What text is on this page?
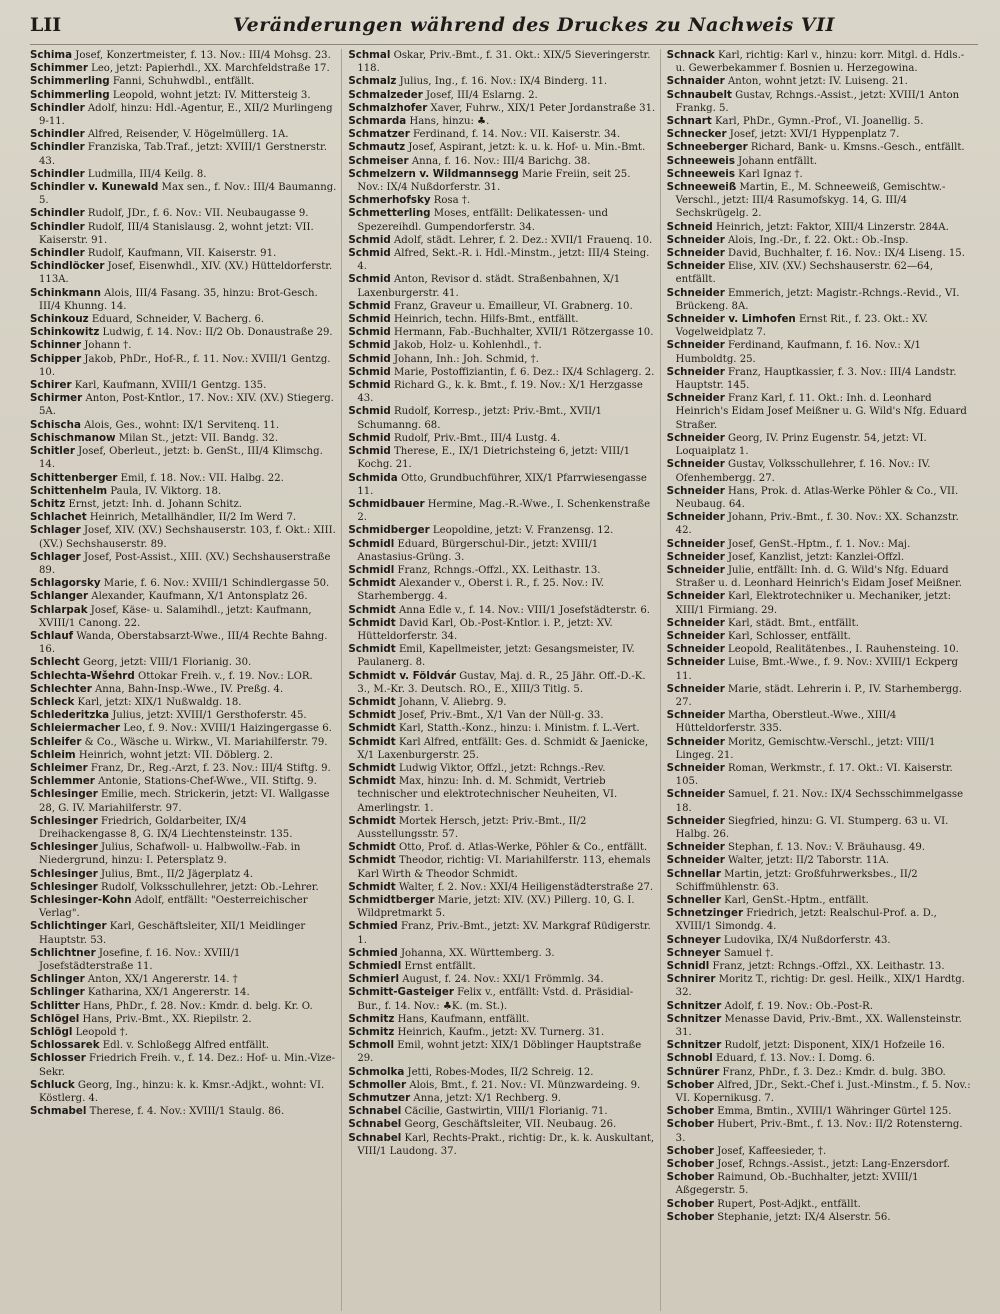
LII	Veränderungen während des Druckes zu Nachweis VII

Schima Josef, Konzertmeister, f. 13. Nov.: III/4 Mohsg. 23.

Schimmer Leo, jetzt: Papierhdl., XX. Marchfeldstraße 17.

Schimmerling Fanni, Schuhwdbl., entfällt.

Schimmerling Leopold, wohnt jetzt: IV. Mittersteig 3.

Schindler Adolf, hinzu: Hdl.-Agentur, E., XII/2 Murlingeng 9-11.

Schindler Alfred, Reisender, V. Högelmüllerg. 1A.

Schindler Franziska, Tab.Traf., jetzt: XVIII/1 Gerstnerstr. 43.

Schindler Ludmilla, III/4 Keilg. 8.

Schindler v. Kunewald Max sen., f. Nov.: III/4 Baumanng. 5.

Schindler Rudolf, JDr., f. 6. Nov.: VII. Neubaugasse 9.

Schindler Rudolf, III/4 Stanislausg. 2, wohnt jetzt: VII. Kaiserstr. 91.

Schindler Rudolf, Kaufmann, VII. Kaiserstr. 91.

Schindlöcker Josef, Eisenwhdl., XIV. (XV.) Hütteldorferstr. 113A.

Schinkmann Alois, III/4 Fasang. 35, hinzu: Brot-Gesch. III/4 Khunng. 14.

Schinkouz Eduard, Schneider, V. Bacherg. 6.

Schinkowitz Ludwig, f. 14. Nov.: II/2 Ob. Donaustraße 29.

Schinner Johann †.

Schipper Jakob, PhDr., Hof-R., f. 11. Nov.: XVIII/1 Gentzg. 10.

Schirer Karl, Kaufmann, XVIII/1 Gentzg. 135.

Schirmer Anton, Post-Kntlor., 17. Nov.: XIV. (XV.) Stiegerg. 5A.

Schischa Alois, Ges., wohnt: IX/1 Servitenq. 11.

Schischmanow Milan St., jetzt: VII. Bandg. 32.

Schitler Josef, Oberleut., jetzt: b. GenSt., III/4 Klimschg. 14.

Schittenberger Emil, f. 18. Nov.: VII. Halbg. 22.

Schittenhelm Paula, IV. Viktorg. 18.

Schitz Ernst, jetzt: Inh. d. Johann Schitz.

Schlachet Heinrich, Metallhändler, II/2 Im Werd 7.

Schlager Josef, XIV. (XV.) Sechshauserstr. 103, f. Okt.: XIII. (XV.) Sechshauserstr. 89.

Schlager Josef, Post-Assist., XIII. (XV.) Sechshauserstraße 89.

Schlagorsky Marie, f. 6. Nov.: XVIII/1 Schindlergasse 50.

Schlanger Alexander, Kaufmann, X/1 Antonsplatz 26.

Schlarpak Josef, Käse- u. Salamihdl., jetzt: Kaufmann, XVIII/1 Canong. 22.

Schlauf Wanda, Oberstabsarzt-Wwe., III/4 Rechte Bahng. 16.

Schlecht Georg, jetzt: VIII/1 Florianig. 30.

Schlechta-Wšehrd Ottokar Freih. v., f. 19. Nov.: LOR.

Schlechter Anna, Bahn-Insp.-Wwe., IV. Preßg. 4.

Schleck Karl, jetzt: XIX/1 Nußwaldg. 18.

Schlederitzka Julius, jetzt: XVIII/1 Gersthoferstr. 45.

Schleiermacher Leo, f. 9. Nov.: XVIII/1 Haizingergasse 6.

Schleifer & Co., Wäsche u. Wirkw., VI. Mariahilferstr. 79.

Schleim Heinrich, wohnt jetzt: VII. Döblerg. 2.

Schleimer Franz, Dr., Reg.-Arzt, f. 23. Nov.: III/4 Stiftg. 9.

Schlemmer Antonie, Stations-Chef-Wwe., VII. Stiftg. 9.

Schlesinger Emilie, mech. Strickerin, jetzt: VI. Wallgasse 28, G. IV. Mariahilferstr. 97.

Schlesinger Friedrich, Goldarbeiter, IX/4 Dreihackengasse 8, G. IX/4 Liechtensteinstr. 135.

Schlesinger Julius, Schafwoll- u. Halbwollw.-Fab. in Niedergrund, hinzu: I. Petersplatz 9.

Schlesinger Julius, Bmt., II/2 Jägerplatz 4.

Schlesinger Rudolf, Volksschullehrer, jetzt: Ob.-Lehrer.

Schlesinger-Kohn Adolf, entfällt: "Oesterreichischer Verlag".

Schlichtinger Karl, Geschäftsleiter, XII/1 Meidlinger Hauptstr. 53.

Schlichtner Josefine, f. 16. Nov.: XVIII/1 Josefstädterstraße 11.

Schlinger Anton, XX/1 Angererstr. 14. †

Schlinger Katharina, XX/1 Angererstr. 14.

Schlitter Hans, PhDr., f. 28. Nov.: Kmdr. d. belg. Kr. O.

Schlögel Hans, Priv.-Bmt., XX. Riepilstr. 2.

Schlögl Leopold †.

Schlossarek Edl. v. Schloßegg Alfred entfällt.

Schlosser Friedrich Freih. v., f. 14. Dez.: Hof- u. Min.-Vize-Sekr.

Schluck Georg, Ing., hinzu: k. k. Kmsr.-Adjkt., wohnt: VI. Köstlerg. 4.

Schmabel Therese, f. 4. Nov.: XVIII/1 Staulg. 86.

Schmal Oskar, Priv.-Bmt., f. 31. Okt.: XIX/5 Sieveringerstr. 118.

Schmalz Julius, Ing., f. 16. Nov.: IX/4 Binderg. 11.

Schmalzeder Josef, III/4 Eslarng. 2.

Schmalzhofer Xaver, Fuhrw., XIX/1 Peter Jordanstraße 31.

Schmarda Hans, hinzu: ♣.

Schmatzer Ferdinand, f. 14. Nov.: VII. Kaiserstr. 34.

Schmautz Josef, Aspirant, jetzt: k. u. k. Hof- u. Min.-Bmt.

Schmeiser Anna, f. 16. Nov.: III/4 Barichg. 38.

Schmelzern v. Wildmannsegg Marie Freiin, seit 25. Nov.: IX/4 Nußdorferstr. 31.

Schmerhofsky Rosa †.

Schmetterling Moses, entfällt: Delikatessen- und Spezereihdl. Gumpendorferstr. 34.

Schmid Adolf, städt. Lehrer, f. 2. Dez.: XVII/1 Frauenq. 10.

Schmid Alfred, Sekt.-R. i. Hdl.-Minstm., jetzt: III/4 Steing. 4.

Schmid Anton, Revisor d. städt. Straßenbahnen, X/1 Laxenburgerstr. 41.

Schmid Franz, Graveur u. Emailleur, VI. Grabnerg. 10.

Schmid Heinrich, techn. Hilfs-Bmt., entfällt.

Schmid Hermann, Fab.-Buchhalter, XVII/1 Rötzergasse 10.

Schmid Jakob, Holz- u. Kohlenhdl., †.

Schmid Johann, Inh.: Joh. Schmid, †.

Schmid Marie, Postoffiziantin, f. 6. Dez.: IX/4 Schlagerg. 2.

Schmid Richard G., k. k. Bmt., f. 19. Nov.: X/1 Herzgasse 43.

Schmid Rudolf, Korresp., jetzt: Priv.-Bmt., XVII/1 Schumanng. 68.

Schmid Rudolf, Priv.-Bmt., III/4 Lustg. 4.

Schmid Therese, E., IX/1 Dietrichsteing 6, jetzt: VIII/1 Kochg. 21.

Schmida Otto, Grundbuchführer, XIX/1 Pfarrwiesengasse 11.

Schmidbauer Hermine, Mag.-R.-Wwe., I. Schenkenstraße 2.

Schmidberger Leopoldine, jetzt: V. Franzensg. 12.

Schmidl Eduard, Bürgerschul-Dir., jetzt: XVIII/1 Anastasius-Grüng. 3.

Schmidl Franz, Rchngs.-Offzl., XX. Leithastr. 13.

Schmidt Alexander v., Oberst i. R., f. 25. Nov.: IV. Starhembergg. 4.

Schmidt Anna Edle v., f. 14. Nov.: VIII/1 Josefstädterstr. 6.

Schmidt David Karl, Ob.-Post-Kntlor. i. P., jetzt: XV. Hütteldorferstr. 34.

Schmidt Emil, Kapellmeister, jetzt: Gesangsmeister, IV. Paulanerg. 8.

Schmidt v. Földvár Gustav, Maj. d. R., 25 Jähr. Off.-D.-K. 3., M.-Kr. 3. Deutsch. RO., E., XIII/3 Titlg. 5.

Schmidt Johann, V. Aliebrg. 9.

Schmidt Josef, Priv.-Bmt., X/1 Van der Nüll-g. 33.

Schmidt Karl, Statth.-Konz., hinzu: i. Ministm. f. L.-Vert.

Schmidt Karl Alfred, entfällt: Ges. d. Schmidt & Jaenicke, X/1 Laxenburgerstr. 25.

Schmidt Ludwig Viktor, Offzl., jetzt: Rchngs.-Rev.

Schmidt Max, hinzu: Inh. d. M. Schmidt, Vertrieb technischer und elektrotechnischer Neuheiten, VI. Amerlingstr. 1.

Schmidt Mortek Hersch, jetzt: Priv.-Bmt., II/2 Ausstellungsstr. 57.

Schmidt Otto, Prof. d. Atlas-Werke, Pöhler & Co., entfällt.

Schmidt Theodor, richtig: VI. Mariahilferstr. 113, ehemals Karl Wirth & Theodor Schmidt.

Schmidt Walter, f. 2. Nov.: XXI/4 Heiligenstädterstraße 27.

Schmidtberger Marie, jetzt: XIV. (XV.) Pillerg. 10, G. I. Wildpretmarkt 5.

Schmied Franz, Priv.-Bmt., jetzt: XV. Markgraf Rüdigerstr. 1.

Schmied Johanna, XX. Württemberg. 3.

Schmiedl Ernst entfällt.

Schmierl August, f. 24. Nov.: XXI/1 Frömmlg. 34.

Schmitt-Gasteiger Felix v., entfällt: Vstd. d. Präsidial-Bur., f. 14. Nov.: ♣K. (m. St.).

Schmitz Hans, Kaufmann, entfällt.

Schmitz Heinrich, Kaufm., jetzt: XV. Turnerg. 31.

Schmoll Emil, wohnt jetzt: XIX/1 Döblinger Hauptstraße 29.

Schmolka Jetti, Robes-Modes, II/2 Schreig. 12.

Schmoller Alois, Bmt., f. 21. Nov.: VI. Münzwardeing. 9.

Schmutzer Anna, jetzt: X/1 Rechberg. 9.

Schnabel Cäcilie, Gastwirtin, VIII/1 Florianig. 71.

Schnabel Georg, Geschäftsleiter, VII. Neubaug. 26.

Schnabel Karl, Rechts-Prakt., richtig: Dr., k. k. Auskultant, VIII/1 Laudong. 37.

Schnack Karl, richtig: Karl v., hinzu: korr. Mitgl. d. Hdls.- u. Gewerbekammer f. Bosnien u. Herzegowina.

Schnaider Anton, wohnt jetzt: IV. Luiseng. 21.

Schnaubelt Gustav, Rchngs.-Assist., jetzt: XVIII/1 Anton Frankg. 5.

Schnart Karl, PhDr., Gymn.-Prof., VI. Joanellig. 5.

Schnecker Josef, jetzt: XVI/1 Hyppenplatz 7.

Schneeberger Richard, Bank- u. Kmsns.-Gesch., entfällt.

Schneeweis Johann entfällt.

Schneeweis Karl Ignaz †.

Schneeweiß Martin, E., M. Schneeweiß, Gemischtw.-Verschl., jetzt: III/4 Rasumofskyg. 14, G. III/4 Sechskrügelg. 2.

Schneid Heinrich, jetzt: Faktor, XIII/4 Linzerstr. 284A.

Schneider Alois, Ing.-Dr., f. 22. Okt.: Ob.-Insp.

Schneider David, Buchhalter, f. 16. Nov.: IX/4 Liseng. 15.

Schneider Elise, XIV. (XV.) Sechshauserstr. 62—64, entfällt.

Schneider Emmerich, jetzt: Magistr.-Rchngs.-Revid., VI. Brückeng. 8A.

Schneider v. Limhofen Ernst Rit., f. 23. Okt.: XV. Vogelweidplatz 7.

Schneider Ferdinand, Kaufmann, f. 16. Nov.: X/1 Humboldtg. 25.

Schneider Franz, Hauptkassier, f. 3. Nov.: III/4 Landstr. Hauptstr. 145.

Schneider Franz Karl, f. 11. Okt.: Inh. d. Leonhard Heinrich's Eidam Josef Meißner u. G. Wild's Nfg. Eduard Straßer.

Schneider Georg, IV. Prinz Eugenstr. 54, jetzt: VI. Loquaiplatz 1.

Schneider Gustav, Volksschullehrer, f. 16. Nov.: IV. Ofenhembergg. 27.

Schneider Hans, Prok. d. Atlas-Werke Pöhler & Co., VII. Neubaug. 64.

Schneider Johann, Priv.-Bmt., f. 30. Nov.: XX. Schanzstr. 42.

Schneider Josef, GenSt.-Hptm., f. 1. Nov.: Maj.

Schneider Josef, Kanzlist, jetzt: Kanzlei-Offzl.

Schneider Julie, entfällt: Inh. d. G. Wild's Nfg. Eduard Straßer u. d. Leonhard Heinrich's Eidam Josef Meißner.

Schneider Karl, Elektrotechniker u. Mechaniker, jetzt: XIII/1 Firmiang. 29.

Schneider Karl, städt. Bmt., entfällt.

Schneider Karl, Schlosser, entfällt.

Schneider Leopold, Realitätenbes., I. Rauhensteing. 10.

Schneider Luise, Bmt.-Wwe., f. 9. Nov.: XVIII/1 Eckperg 11.

Schneider Marie, städt. Lehrerin i. P., IV. Starhembergg. 27.

Schneider Martha, Oberstleut.-Wwe., XIII/4 Hütteldorferstr. 335.

Schneider Moritz, Gemischtw.-Verschl., jetzt: VIII/1 Lingeg. 21.

Schneider Roman, Werkmstr., f. 17. Okt.: VI. Kaiserstr. 105.

Schneider Samuel, f. 21. Nov.: IX/4 Sechsschimmelgasse 18.

Schneider Siegfried, hinzu: G. VI. Stumperg. 63 u. VI. Halbg. 26.

Schneider Stephan, f. 13. Nov.: V. Bräuhausg. 49.

Schneider Walter, jetzt: II/2 Taborstr. 11A.

Schnellar Martin, jetzt: Großfuhrwerksbes., II/2 Schiffmühlenstr. 63.

Schneller Karl, GenSt.-Hptm., entfällt.

Schnetzinger Friedrich, jetzt: Realschul-Prof. a. D., XVIII/1 Simondg. 4.

Schneyer Ludovika, IX/4 Nußdorferstr. 43.

Schneyer Samuel †.

Schnidl Franz, jetzt: Rchngs.-Offzl., XX. Leithastr. 13.

Schnirer Moritz T., richtig: Dr. gesl. Heilk., XIX/1 Hardtg. 32.

Schnitzer Adolf, f. 19. Nov.: Ob.-Post-R.

Schnitzer Menasse David, Priv.-Bmt., XX. Wallensteinstr. 31.

Schnitzer Rudolf, jetzt: Disponent, XIX/1 Hofzeile 16.

Schnobl Eduard, f. 13. Nov.: I. Domg. 6.

Schnürer Franz, PhDr., f. 3. Dez.: Kmdr. d. bulg. 3BO.

Schober Alfred, JDr., Sekt.-Chef i. Just.-Minstm., f. 5. Nov.: VI. Kopernikusg. 7.

Schober Emma, Bmtin., XVIII/1 Währinger Gürtel 125.

Schober Hubert, Priv.-Bmt., f. 13. Nov.: II/2 Rotensterng. 3.

Schober Josef, Kaffeesieder, †.

Schober Josef, Rchngs.-Assist., jetzt: Lang-Enzersdorf.

Schober Raimund, Ob.-Buchhalter, jetzt: XVIII/1 Aßgegerstr. 5.

Schober Rupert, Post-Adjkt., entfällt.

Schober Stephanie, jetzt: IX/4 Alserstr. 56.
